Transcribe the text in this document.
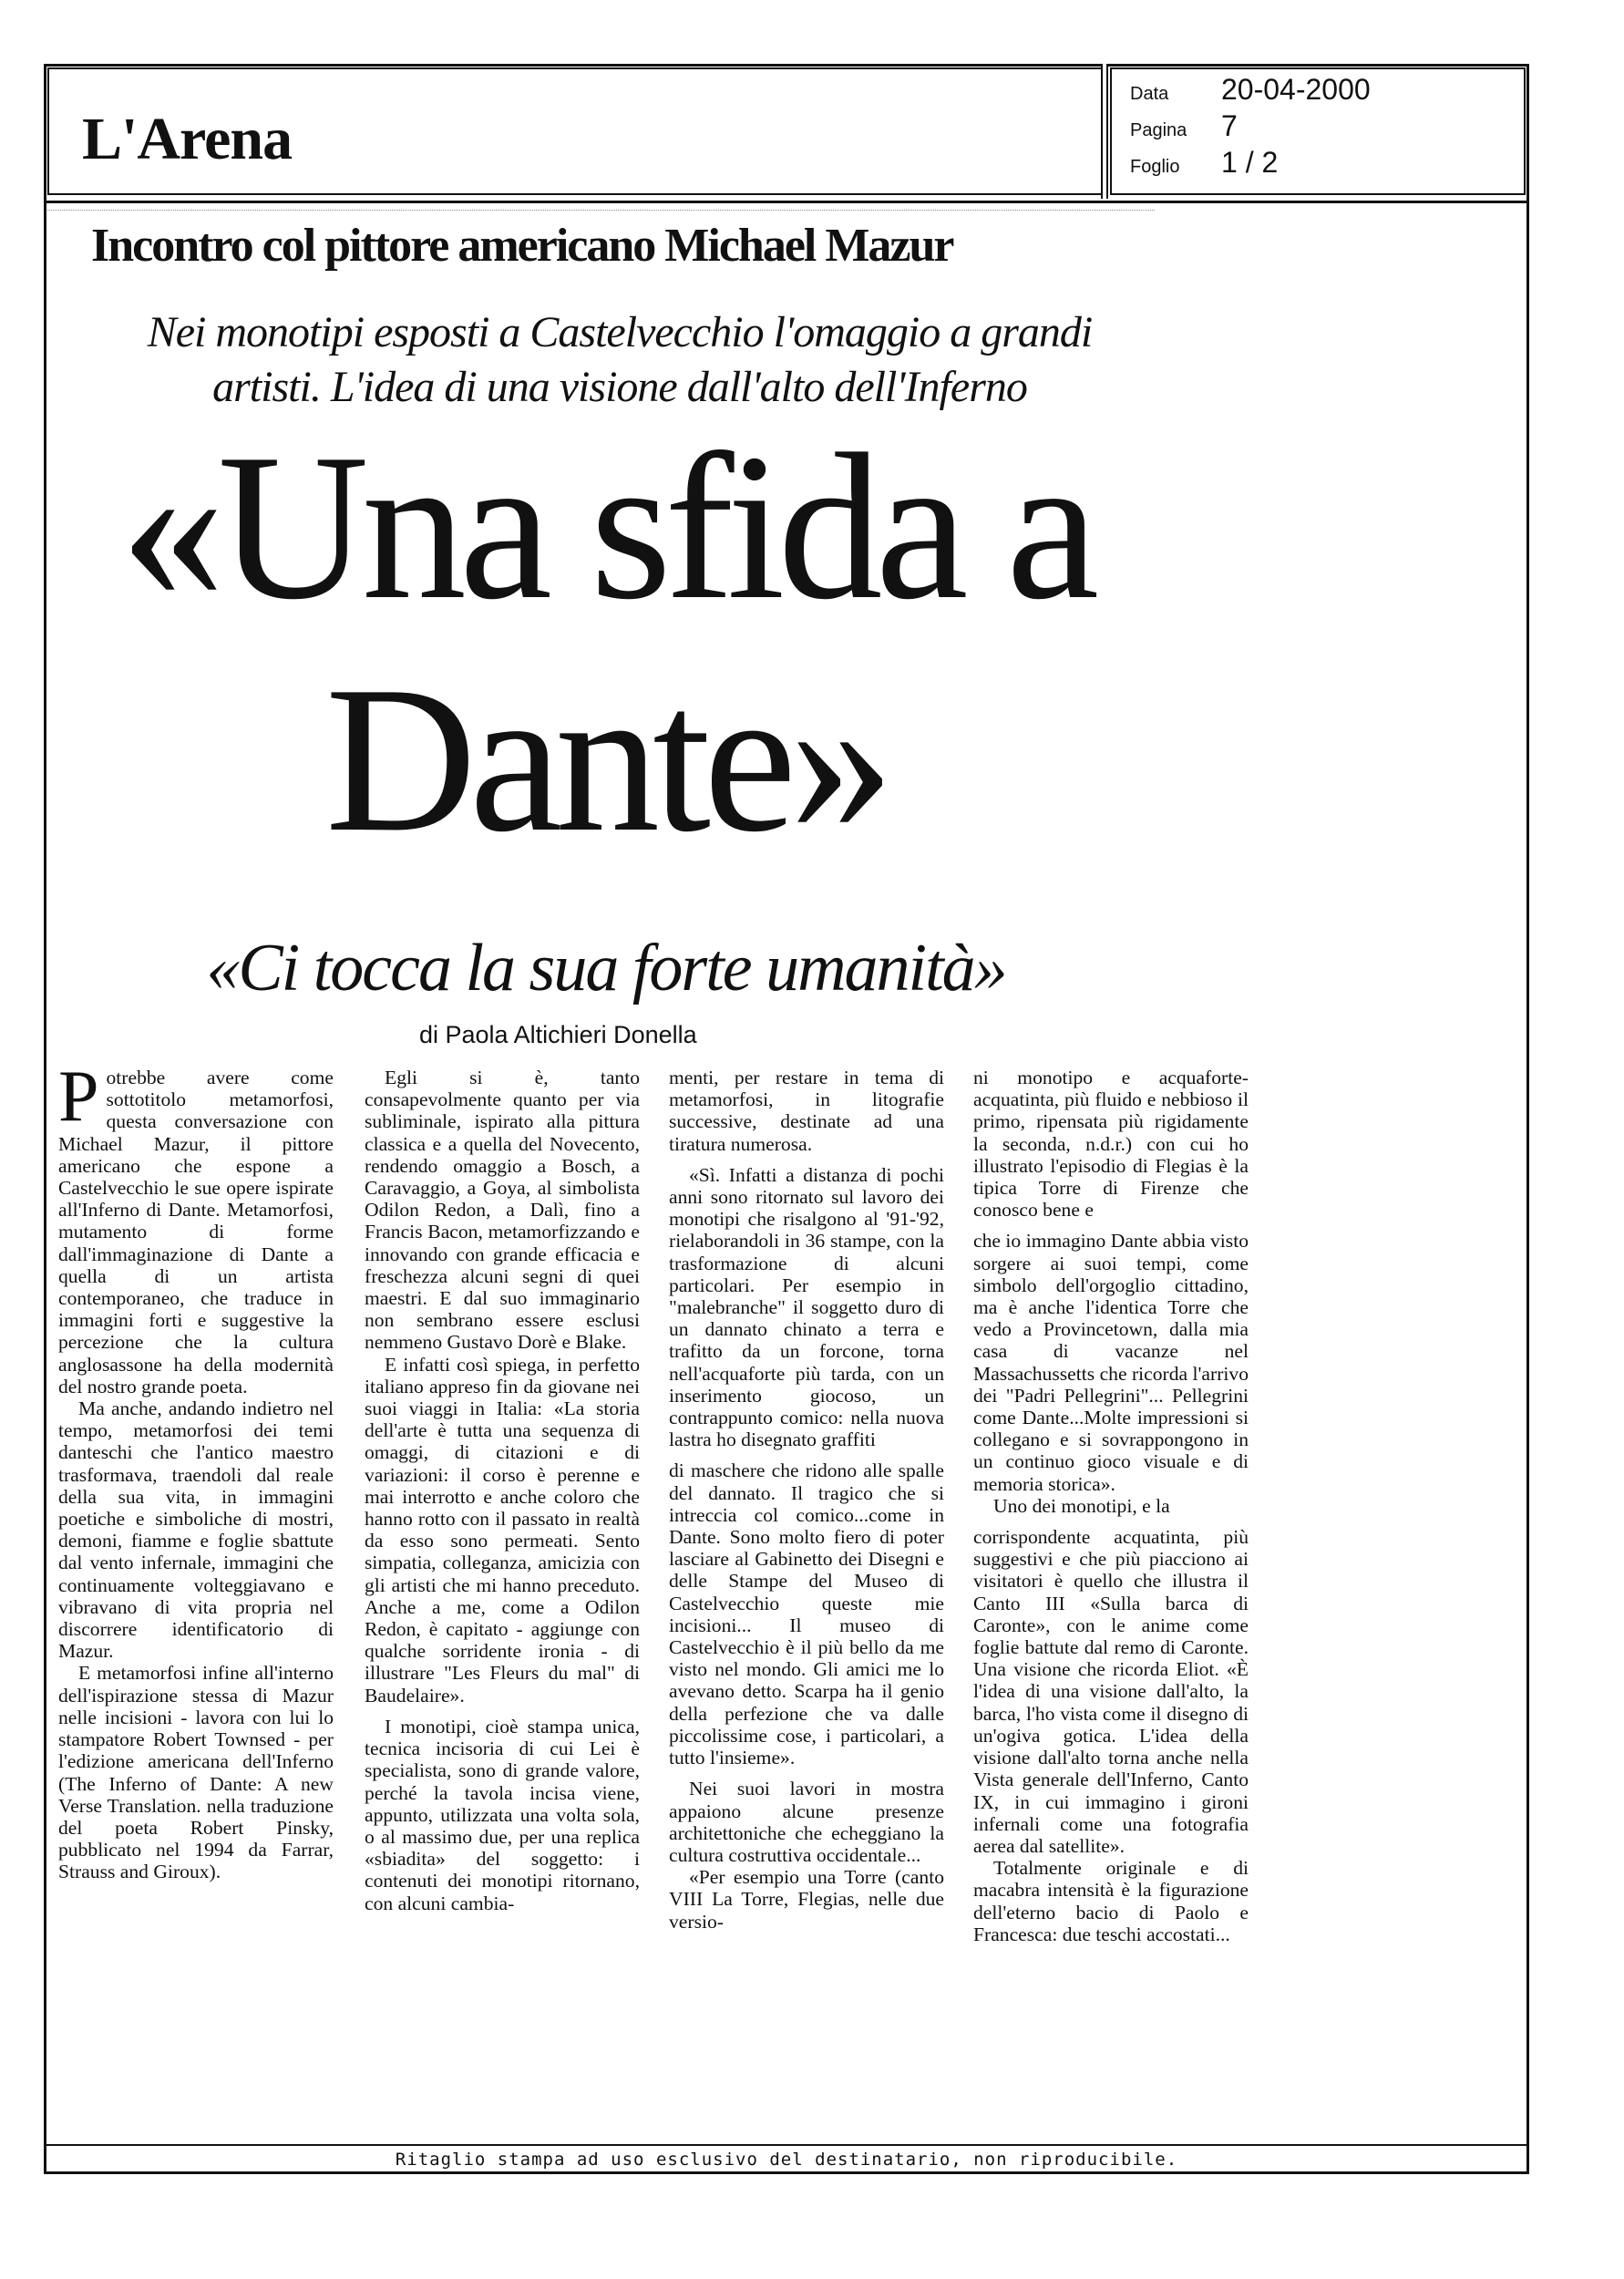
L'Arena
Data 20-04-2000
Pagina 7
Foglio 1 / 2
Incontro col pittore americano Michael Mazur
Nei monotipi esposti a Castelvecchio l'omaggio a grandi artisti. L'idea di una visione dall'alto dell'Inferno
«Una sfida a Dante»
«Ci tocca la sua forte umanità»
di Paola Altichieri Donella

Potrebbe avere come sottotitolo metamorfosi, questa conversazione con Michael Mazur, il pittore americano che espone a Castelvecchio le sue opere ispirate all'Inferno di Dante. Metamorfosi, mutamento di forme dall'immaginazione di Dante a quella di un artista contemporaneo, che traduce in immagini forti e suggestive la percezione che la cultura anglosassone ha della modernità del nostro grande poeta.

Ma anche, andando indietro nel tempo, metamorfosi dei temi danteschi che l'antico maestro trasformava, traendoli dal reale della sua vita, in immagini poetiche e simboliche di mostri, demoni, fiamme e foglie sbattute dal vento infernale, immagini che continuamente volteggiavano e vibravano di vita propria nel discorrere identificatorio di Mazur.

E metamorfosi infine all'interno dell'ispirazione stessa di Mazur nelle incisioni - lavora con lui lo stampatore Robert Townsed - per l'edizione americana dell'Inferno (The Inferno of Dante: A new Verse Translation. nella traduzione del poeta Robert Pinsky, pubblicato nel 1994 da Farrar, Strauss and Giroux).

Egli si è, tanto consapevolmente quanto per via subliminale, ispirato alla pittura classica e a quella del Novecento, rendendo omaggio a Bosch, a Caravaggio, a Goya, al simbolista Odilon Redon, a Dalì, fino a Francis Bacon, metamorfizzando e innovando con grande efficacia e freschezza alcuni segni di quei maestri. E dal suo immaginario non sembrano essere esclusi nemmeno Gustavo Dorè e Blake.

E infatti così spiega, in perfetto italiano appreso fin da giovane nei suoi viaggi in Italia: «La storia dell'arte è tutta una sequenza di omaggi, di citazioni e di variazioni: il corso è perenne e mai interrotto e anche coloro che hanno rotto con il passato in realtà da esso sono permeati. Sento simpatia, colleganza, amicizia con gli artisti che mi hanno preceduto. Anche a me, come a Odilon Redon, è capitato - aggiunge con qualche sorridente ironia - di illustrare "Les Fleurs du mal" di Baudelaire».

I monotipi, cioè stampa unica, tecnica incisoria di cui Lei è specialista, sono di grande valore, perché la tavola incisa viene, appunto, utilizzata una volta sola, o al massimo due, per una replica «sbiadita» del soggetto: i contenuti dei monotipi ritornano, con alcuni cambia-

menti, per restare in tema di metamorfosi, in litografie successive, destinate ad una tiratura numerosa.

«Sì. Infatti a distanza di pochi anni sono ritornato sul lavoro dei monotipi che risalgono al '91-'92, rielaborandoli in 36 stampe, con la trasformazione di alcuni particolari. Per esempio in "malebranche" il soggetto duro di un dannato chinato a terra e trafitto da un forcone, torna nell'acquaforte più tarda, con un inserimento giocoso, un contrappunto comico: nella nuova lastra ho disegnato graffiti

di maschere che ridono alle spalle del dannato. Il tragico che si intreccia col comico...come in Dante. Sono molto fiero di poter lasciare al Gabinetto dei Disegni e delle Stampe del Museo di Castelvecchio queste mie incisioni... Il museo di Castelvecchio è il più bello da me visto nel mondo. Gli amici me lo avevano detto. Scarpa ha il genio della perfezione che va dalle piccolissime cose, i particolari, a tutto l'insieme».

Nei suoi lavori in mostra appaiono alcune presenze architettoniche che echeggiano la cultura costruttiva occidentale...

«Per esempio una Torre (canto VIII La Torre, Flegias, nelle due versio-

ni monotipo e acquaforte-acquatinta, più fluido e nebbioso il primo, ripensata più rigidamente la seconda, n.d.r.) con cui ho illustrato l'episodio di Flegias è la tipica Torre di Firenze che conosco bene e

che io immagino Dante abbia visto sorgere ai suoi tempi, come simbolo dell'orgoglio cittadino, ma è anche l'identica Torre che vedo a Provincetown, dalla mia casa di vacanze nel Massachussetts che ricorda l'arrivo dei "Padri Pellegrini"... Pellegrini come Dante...Molte impressioni si collegano e si sovrappongono in un continuo gioco visuale e di memoria storica».

Uno dei monotipi, e la

corrispondente acquatinta, più suggestivi e che più piacciono ai visitatori è quello che illustra il Canto III «Sulla barca di Caronte», con le anime come foglie battute dal remo di Caronte. Una visione che ricorda Eliot. «È l'idea di una visione dall'alto, la barca, l'ho vista come il disegno di un'ogiva gotica. L'idea della visione dall'alto torna anche nella Vista generale dell'Inferno, Canto IX, in cui immagino i gironi infernali come una fotografia aerea dal satellite».

Totalmente originale e di macabra intensità è la figurazione dell'eterno bacio di Paolo e Francesca: due teschi accostati...

Ritaglio stampa ad uso esclusivo del destinatario, non riproducibile.
